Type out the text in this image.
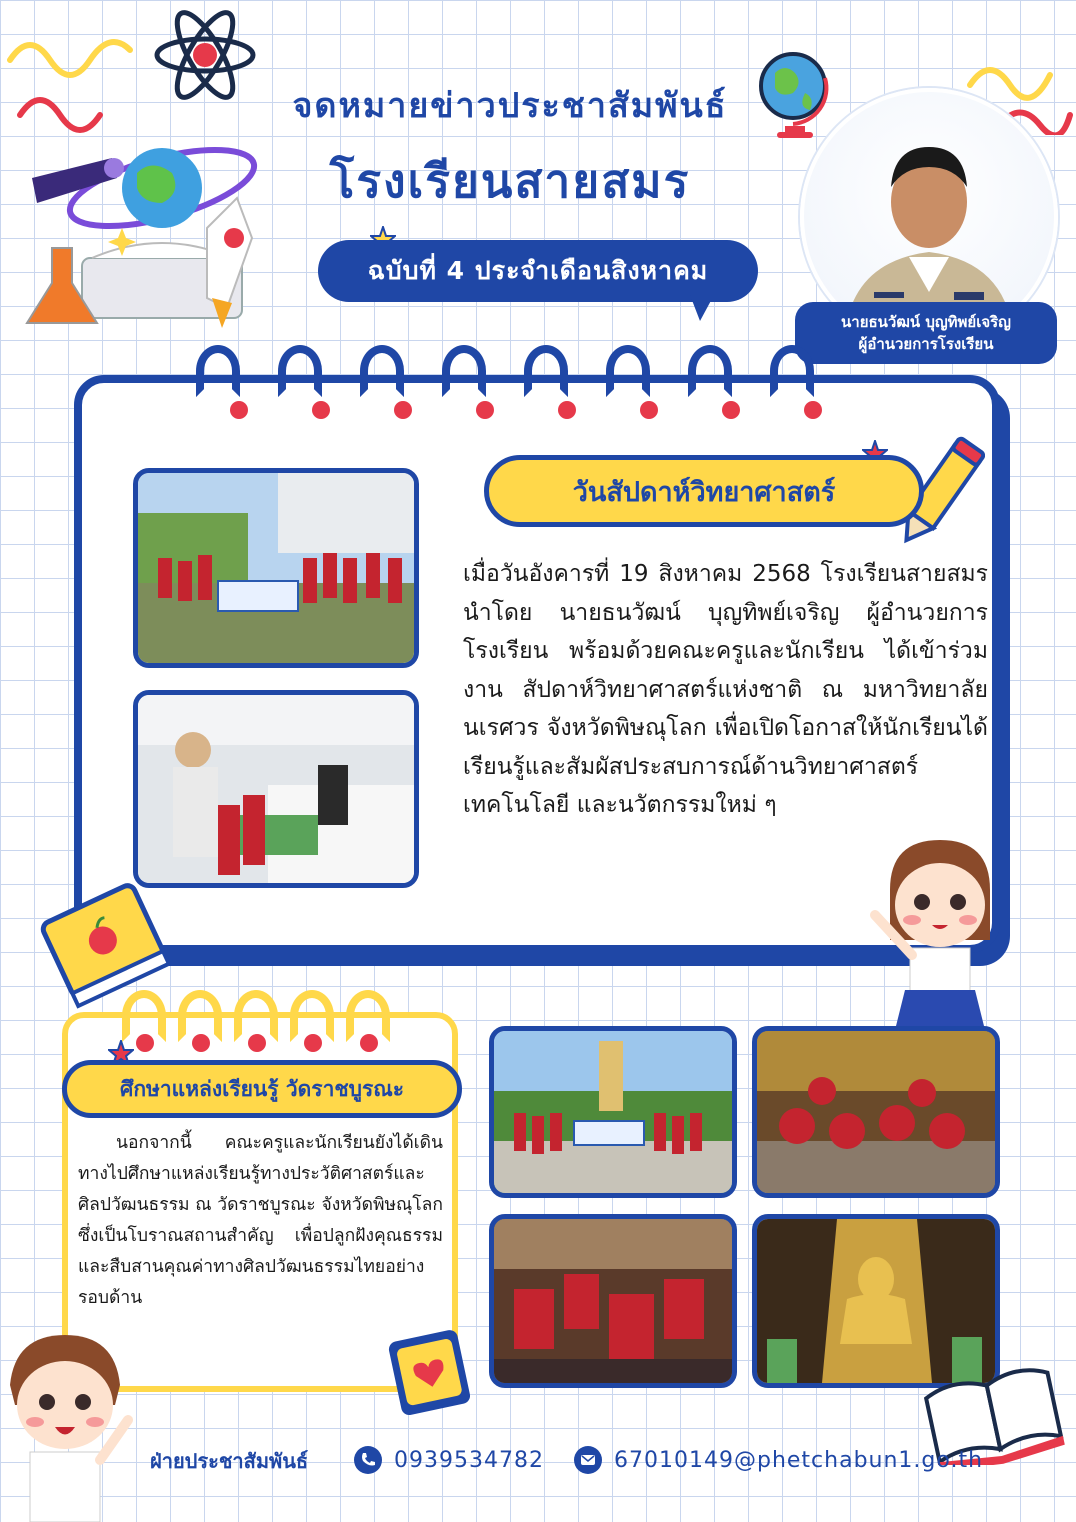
จดหมายข่าวประชาสัมพันธ์
โรงเรียนสายสมร
ฉบับที่ 4 ประจำเดือนสิงหาคม
นายธนวัฒน์ บุญทิพย์เจริญ
ผู้อำนวยการโรงเรียน
วันสัปดาห์วิทยาศาสตร์
เมื่อวันอังคารที่ 19 สิงหาคม 2568 โรงเรียนสายสมร นำโดย นายธนวัฒน์ บุญทิพย์เจริญ ผู้อำนวยการโรงเรียน พร้อมด้วยคณะครูและนักเรียน ได้เข้าร่วมงาน สัปดาห์วิทยาศาสตร์แห่งชาติ ณ มหาวิทยาลัยนเรศวร จังหวัดพิษณุโลก เพื่อเปิดโอกาสให้นักเรียนได้เรียนรู้และสัมผัสประสบการณ์ด้านวิทยาศาสตร์ เทคโนโลยี และนวัตกรรมใหม่ ๆ
ศึกษาแหล่งเรียนรู้ วัดราชบูรณะ
นอกจากนี้ คณะครูและนักเรียนยังได้เดินทางไปศึกษาแหล่งเรียนรู้ทางประวัติศาสตร์และศิลปวัฒนธรรม ณ วัดราชบูรณะ จังหวัดพิษณุโลก ซึ่งเป็นโบราณสถานสำคัญ เพื่อปลูกฝังคุณธรรมและสืบสานคุณค่าทางศิลปวัฒนธรรมไทยอย่างรอบด้าน
ฝ่ายประชาสัมพันธ์	0939534782	67010149@phetchabun1.go.th
